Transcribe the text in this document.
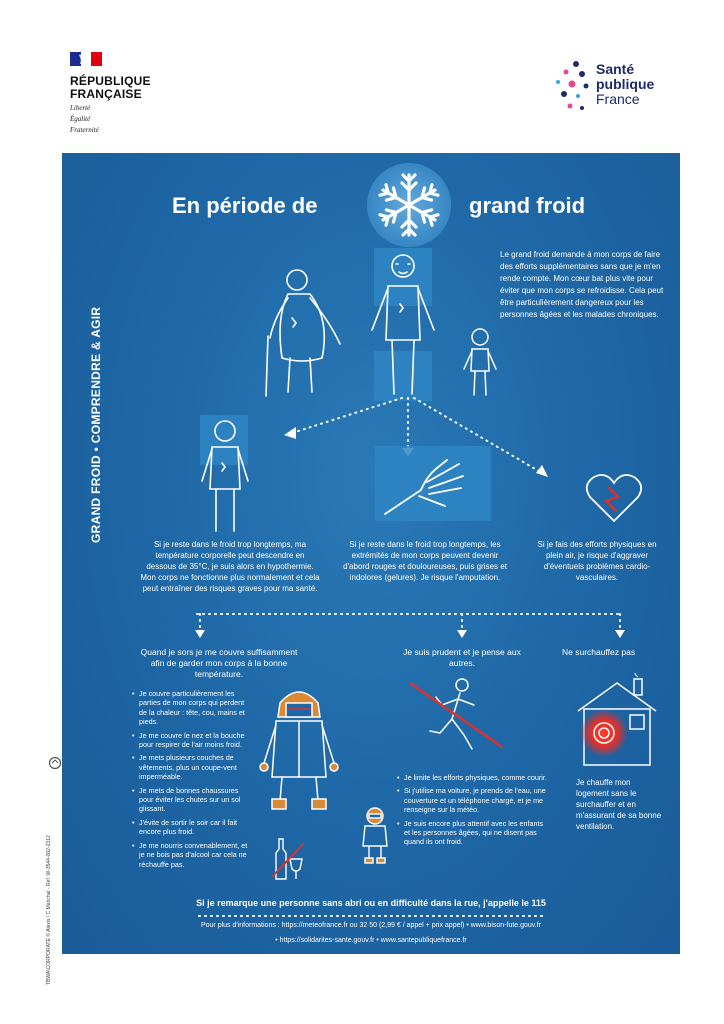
RÉPUBLIQUE
FRANÇAISE
Liberté
Égalité
Fraternité
Santé
publique
France
En période de	grand froid
GRAND FROID • COMPRENDRE & AGIR
Le grand froid demande à mon corps de faire des efforts supplémentaires sans que je m'en rende compte. Mon cœur bat plus vite pour éviter que mon corps se refroidisse. Cela peut être particulièrement dangereux pour les personnes âgées et les malades chroniques.
Si je reste dans le froid trop longtemps, ma température corporelle peut descendre en dessous de 35°C, je suis alors en hypothermie. Mon corps ne fonctionne plus normalement et cela peut entraîner des risques graves pour ma santé.
Si je reste dans le froid trop longtemps, les extrémités de mon corps peuvent devenir d'abord rouges et douloureuses, puis grises et indolores (gelures). Je risque l'amputation.
Si je fais des efforts physiques en plein air, je risque d'aggraver d'éventuels problèmes cardio-vasculaires.
Quand je sors je me couvre suffisamment afin de garder mon corps à la bonne température.
• Je couvre particulièrement les parties de mon corps qui perdent de la chaleur : tête, cou, mains et pieds.
• Je me couvre le nez et la bouche pour respirer de l'air moins froid.
• Je mets plusieurs couches de vêtements, plus un coupe-vent imperméable.
• Je mets de bonnes chaussures pour éviter les chutes sur un sol glissant.
• J'évite de sortir le soir car il fait encore plus froid.
• Je me nourris convenablement, et je ne bois pas d'alcool car cela ne réchauffe pas.
Je suis prudent et je pense aux autres.
• Je limite les efforts physiques, comme courir.
• Si j'utilise ma voiture, je prends de l'eau, une couverture et un téléphone chargé, et je me renseigne sur la météo.
• Je suis encore plus attentif avec les enfants et les personnes âgées, qui ne disent pas quand ils ont froid.
Ne surchauffez pas
Je chauffe mon logement sans le surchauffer et en m'assurant de sa bonne ventilation.
Si je remarque une personne sans abri ou en difficulté dans la rue, j'appelle le 115
Pour plus d'informations : https://meteofrance.fr ou 32 50 (2,99 € / appel + prix appel) • www.bison-fute.gouv.fr
• https://solidarites-sante.gouv.fr • www.santepubliquefrance.fr
TBWA\CORPORATE © Alexis / C.Marichal - Réf. W-3544-002-2312
